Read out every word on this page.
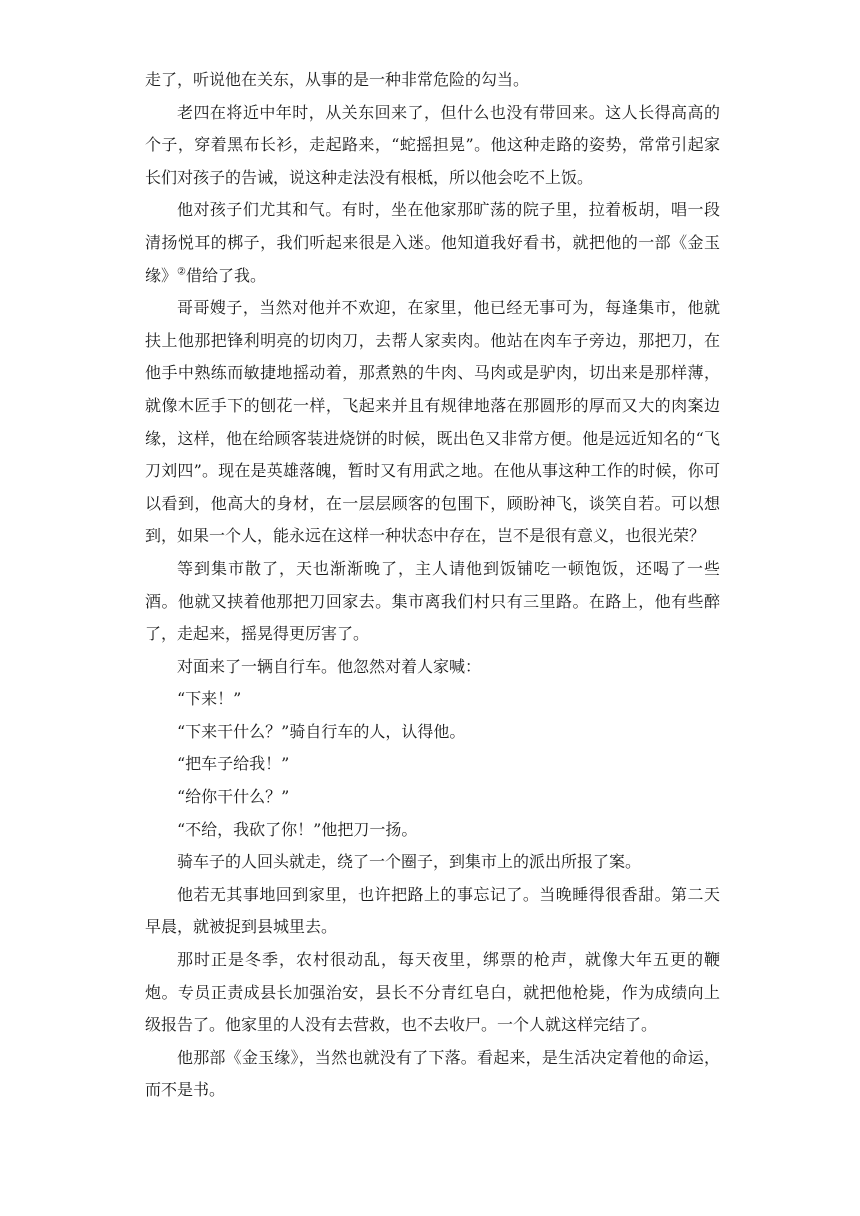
走了，听说他在关东，从事的是一种非常危险的勾当。

老四在将近中年时，从关东回来了，但什么也没有带回来。这人长得高高的个子，穿着黑布长衫，走起路来，“蛇摇担晃”。他这种走路的姿势，常常引起家长们对孩子的告诫，说这种走法没有根柢，所以他会吃不上饭。

他对孩子们尤其和气。有时，坐在他家那旷荡的院子里，拉着板胡，唱一段清扬悦耳的梆子，我们听起来很是入迷。他知道我好看书，就把他的一部《金玉缘》②借给了我。

哥哥嫂子，当然对他并不欢迎，在家里，他已经无事可为，每逢集市，他就扶上他那把锋利明亮的切肉刀，去帮人家卖肉。他站在肉车子旁边，那把刀，在他手中熟练而敏捷地摇动着，那煮熟的牛肉、马肉或是驴肉，切出来是那样薄，就像木匠手下的刨花一样，飞起来并且有规律地落在那圆形的厚而又大的肉案边缘，这样，他在给顾客装进烧饼的时候，既出色又非常方便。他是远近知名的“飞刀刘四”。现在是英雄落魄，暂时又有用武之地。在他从事这种工作的时候，你可以看到，他高大的身材，在一层层顾客的包围下，顾盼神飞，谈笑自若。可以想到，如果一个人，能永远在这样一种状态中存在，岂不是很有意义，也很光荣？

等到集市散了，天也渐渐晚了，主人请他到饭铺吃一顿饱饭，还喝了一些酒。他就又挟着他那把刀回家去。集市离我们村只有三里路。在路上，他有些醉了，走起来，摇晃得更厉害了。

对面来了一辆自行车。他忽然对着人家喊：

“下来！”

“下来干什么？”骑自行车的人，认得他。

“把车子给我！”

“给你干什么？”

“不给，我砍了你！”他把刀一扬。

骑车子的人回头就走，绕了一个圈子，到集市上的派出所报了案。

他若无其事地回到家里，也许把路上的事忘记了。当晚睡得很香甜。第二天早晨，就被捉到县城里去。

那时正是冬季，农村很动乱，每天夜里，绑票的枪声，就像大年五更的鞭炮。专员正责成县长加强治安，县长不分青红皂白，就把他枪毙，作为成绩向上级报告了。他家里的人没有去营救，也不去收尸。一个人就这样完结了。

他那部《金玉缘》，当然也就没有了下落。看起来，是生活决定着他的命运，而不是书。
